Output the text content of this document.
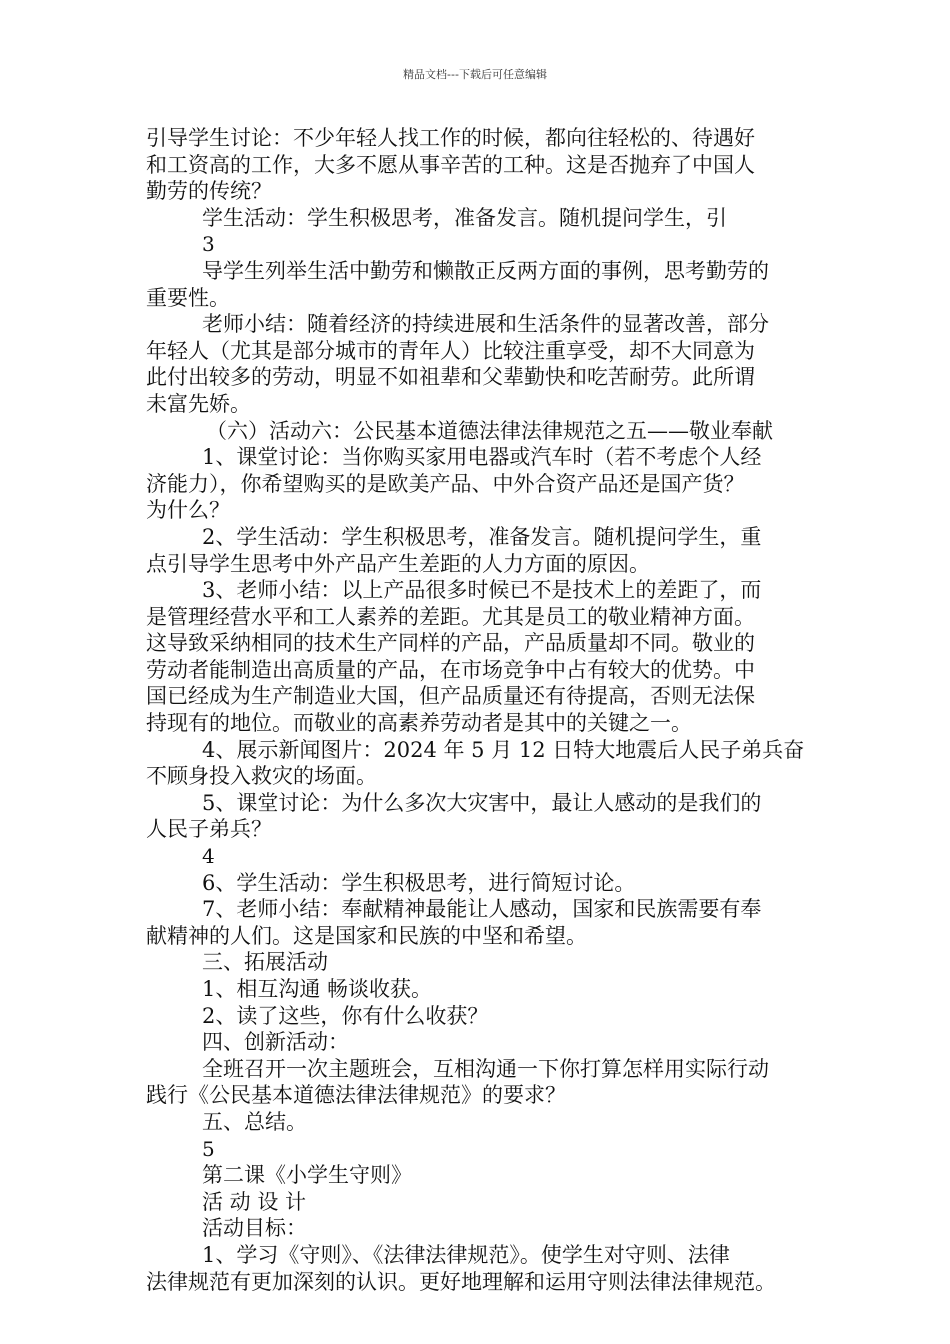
精品文档---下载后可任意编辑
引导学生讨论：不少年轻人找工作的时候，都向往轻松的、待遇好
和工资高的工作，大多不愿从事辛苦的工种。这是否抛弃了中国人
勤劳的传统？
学生活动：学生积极思考，准备发言。随机提问学生，引
3
导学生列举生活中勤劳和懒散正反两方面的事例，思考勤劳的
重要性。
老师小结：随着经济的持续进展和生活条件的显著改善，部分
年轻人（尤其是部分城市的青年人）比较注重享受，却不大同意为
此付出较多的劳动，明显不如祖辈和父辈勤快和吃苦耐劳。此所谓
未富先娇。
（六）活动六：公民基本道德法律法律规范之五——敬业奉献
1、课堂讨论：当你购买家用电器或汽车时（若不考虑个人经
济能力），你希望购买的是欧美产品、中外合资产品还是国产货？
为什么？
2、学生活动：学生积极思考，准备发言。随机提问学生，重
点引导学生思考中外产品产生差距的人力方面的原因。
3、老师小结：以上产品很多时候已不是技术上的差距了，而
是管理经营水平和工人素养的差距。尤其是员工的敬业精神方面。
这导致采纳相同的技术生产同样的产品，产品质量却不同。敬业的
劳动者能制造出高质量的产品，在市场竞争中占有较大的优势。中
国已经成为生产制造业大国，但产品质量还有待提高，否则无法保
持现有的地位。而敬业的高素养劳动者是其中的关键之一。
4、展示新闻图片：2024 年 5 月 12 日特大地震后人民子弟兵奋
不顾身投入救灾的场面。
5、课堂讨论：为什么多次大灾害中，最让人感动的是我们的
人民子弟兵？
4
6、学生活动：学生积极思考，进行简短讨论。
7、老师小结：奉献精神最能让人感动，国家和民族需要有奉
献精神的人们。这是国家和民族的中坚和希望。
三、拓展活动
1、相互沟通 畅谈收获。
2、读了这些，你有什么收获？
四、创新活动：
全班召开一次主题班会，互相沟通一下你打算怎样用实际行动
践行《公民基本道德法律法律规范》的要求？
五、总结。
5
第二课《小学生守则》
活 动 设 计
活动目标：
1、学习《守则》、《法律法律规范》。使学生对守则、法律
法律规范有更加深刻的认识。更好地理解和运用守则法律法律规范。
